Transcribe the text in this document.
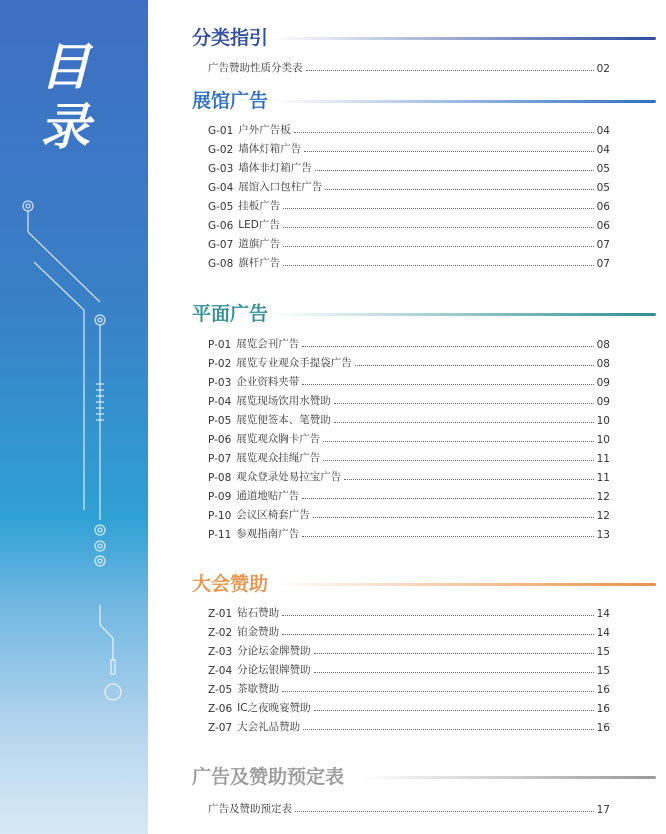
目
录
分类指引
广告赞助性质分类表	02
展馆广告
G-01 户外广告板	04
G-02 墙体灯箱广告	04
G-03 墙体非灯箱广告	05
G-04 展馆入口包柱广告	05
G-05 挂板广告	06
G-06 LED广告	06
G-07 道旗广告	07
G-08 旗杆广告	07
平面广告
P-01 展览会刊广告	08
P-02 展览专业观众手提袋广告	08
P-03 企业资料夹带	09
P-04 展览现场饮用水赞助	09
P-05 展览便签本、笔赞助	10
P-06 展览观众胸卡广告	10
P-07 展览观众挂绳广告	11
P-08 观众登录处易拉宝广告	11
P-09 通道地贴广告	12
P-10 会议区椅套广告	12
P-11 参观指南广告	13
大会赞助
Z-01 钻石赞助	14
Z-02 铂金赞助	14
Z-03 分论坛金牌赞助	15
Z-04 分论坛银牌赞助	15
Z-05 茶歇赞助	16
Z-06 IC之夜晚宴赞助	16
Z-07 大会礼品赞助	16
广告及赞助预定表
广告及赞助预定表	17
